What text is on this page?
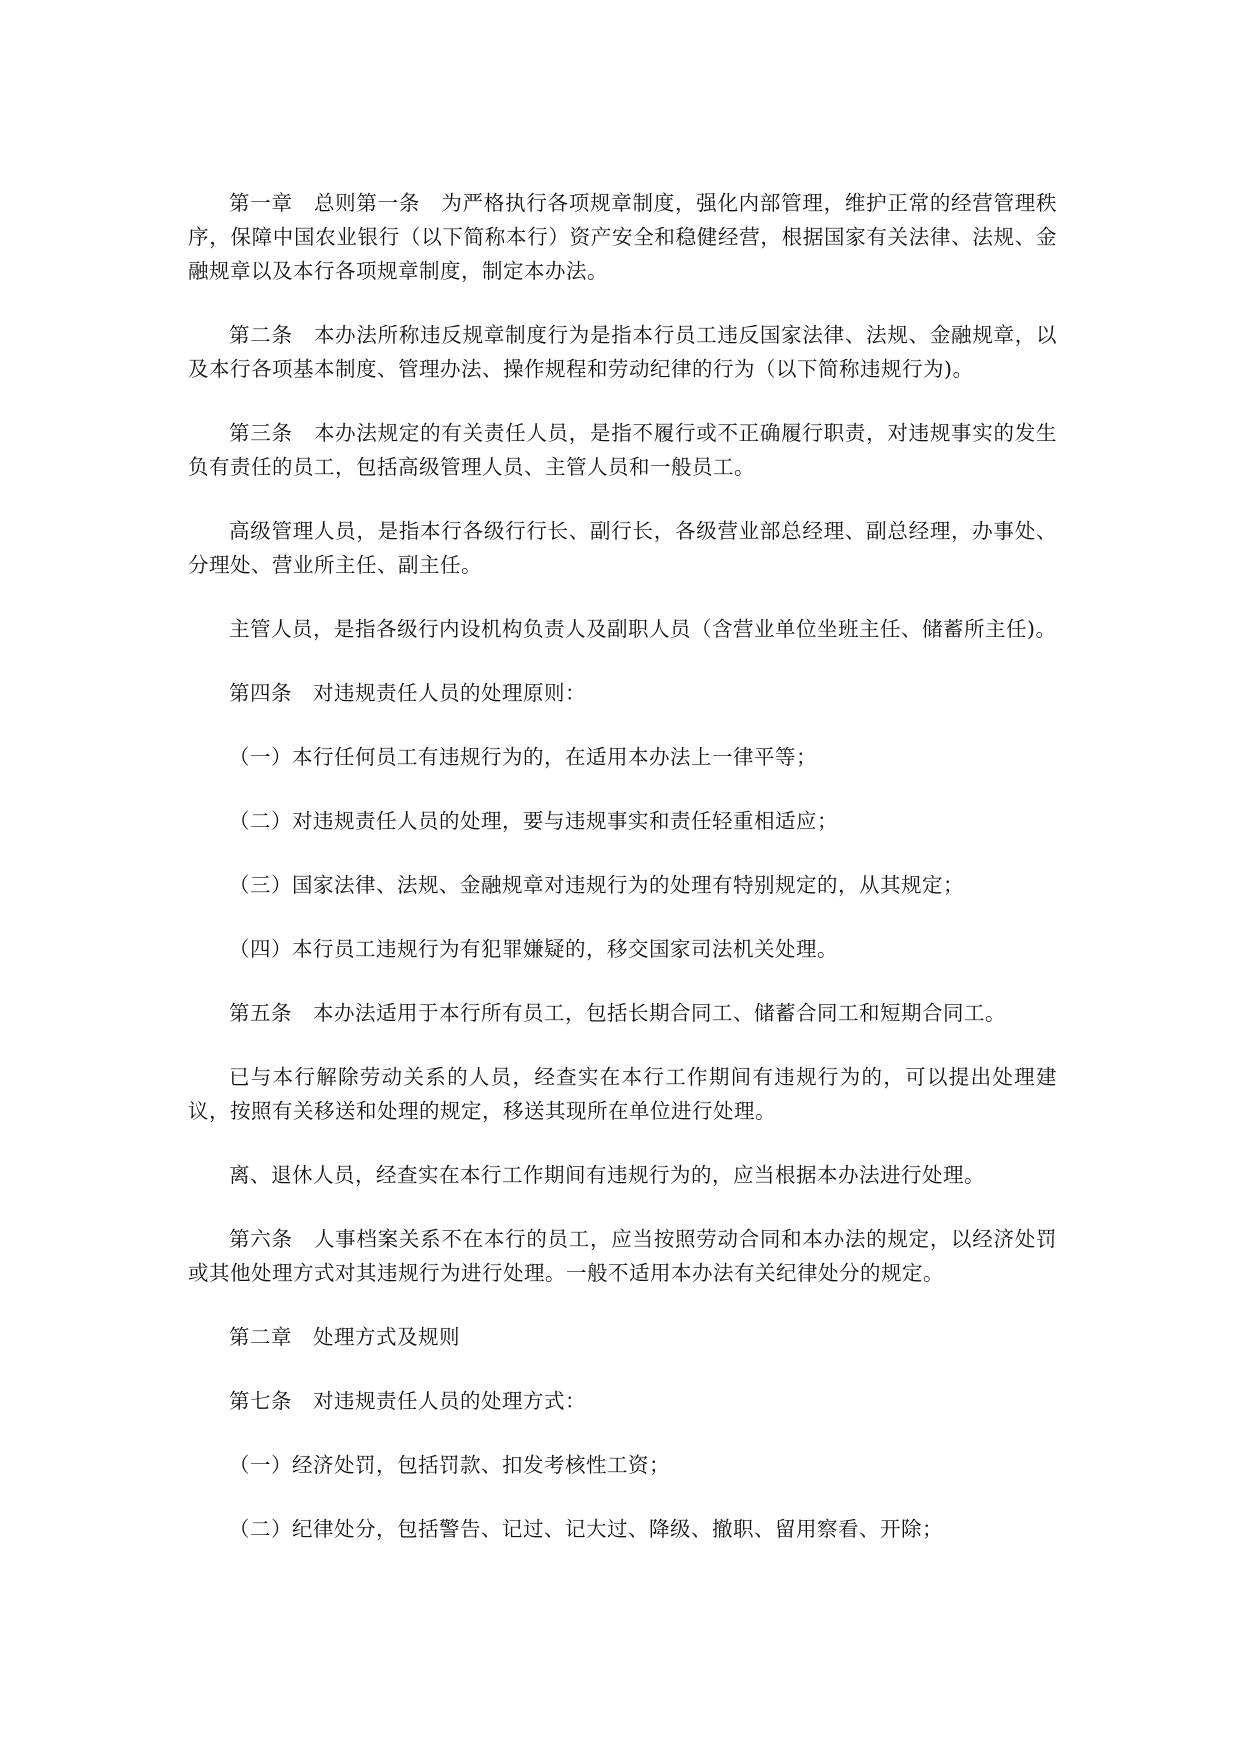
第一章　总则第一条　为严格执行各项规章制度，强化内部管理，维护正常的经营管理秩序，保障中国农业银行（以下简称本行）资产安全和稳健经营，根据国家有关法律、法规、金融规章以及本行各项规章制度，制定本办法。

第二条　本办法所称违反规章制度行为是指本行员工违反国家法律、法规、金融规章，以及本行各项基本制度、管理办法、操作规程和劳动纪律的行为（以下简称违规行为)。

第三条　本办法规定的有关责任人员，是指不履行或不正确履行职责，对违规事实的发生负有责任的员工，包括高级管理人员、主管人员和一般员工。

高级管理人员，是指本行各级行行长、副行长，各级营业部总经理、副总经理，办事处、分理处、营业所主任、副主任。

主管人员，是指各级行内设机构负责人及副职人员（含营业单位坐班主任、储蓄所主任)。

第四条　对违规责任人员的处理原则：

（一）本行任何员工有违规行为的，在适用本办法上一律平等；

（二）对违规责任人员的处理，要与违规事实和责任轻重相适应；

（三）国家法律、法规、金融规章对违规行为的处理有特别规定的，从其规定；

（四）本行员工违规行为有犯罪嫌疑的，移交国家司法机关处理。

第五条　本办法适用于本行所有员工，包括长期合同工、储蓄合同工和短期合同工。

已与本行解除劳动关系的人员，经查实在本行工作期间有违规行为的，可以提出处理建议，按照有关移送和处理的规定，移送其现所在单位进行处理。

离、退休人员，经查实在本行工作期间有违规行为的，应当根据本办法进行处理。

第六条　人事档案关系不在本行的员工，应当按照劳动合同和本办法的规定，以经济处罚或其他处理方式对其违规行为进行处理。一般不适用本办法有关纪律处分的规定。

第二章　处理方式及规则

第七条　对违规责任人员的处理方式：

（一）经济处罚，包括罚款、扣发考核性工资；

（二）纪律处分，包括警告、记过、记大过、降级、撤职、留用察看、开除；
